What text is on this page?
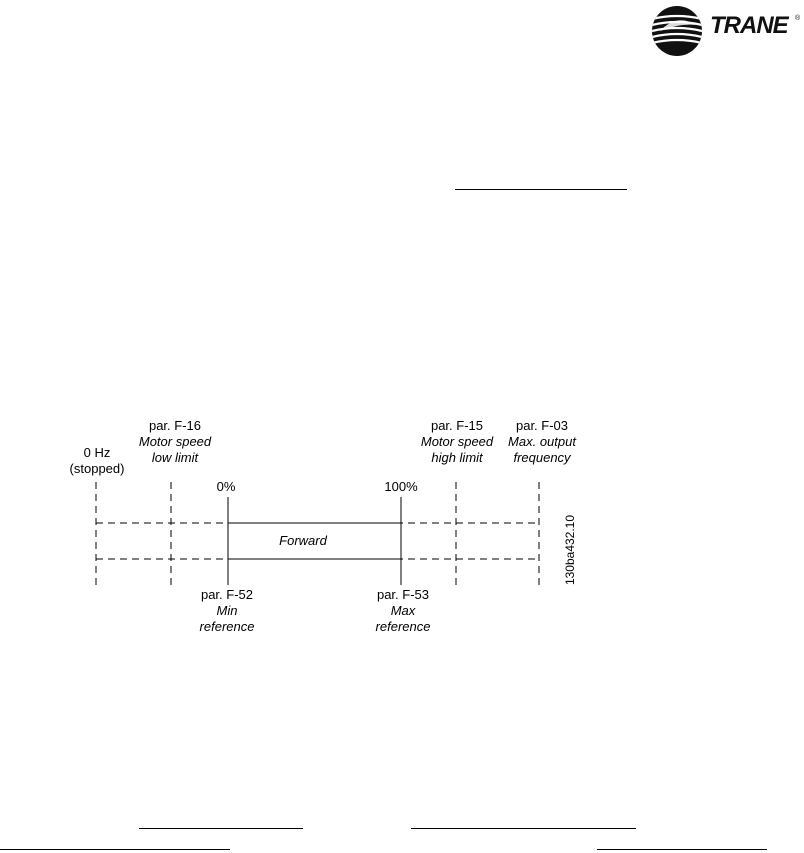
TRANE ®
0 Hz
(stopped)
par. F-16
Motor speed
low limit
par. F-15
Motor speed
high limit
par. F-03
Max. output
frequency
0%	100%
Forward
par. F-52
Min
reference
par. F-53
Max
reference
130ba432.10
